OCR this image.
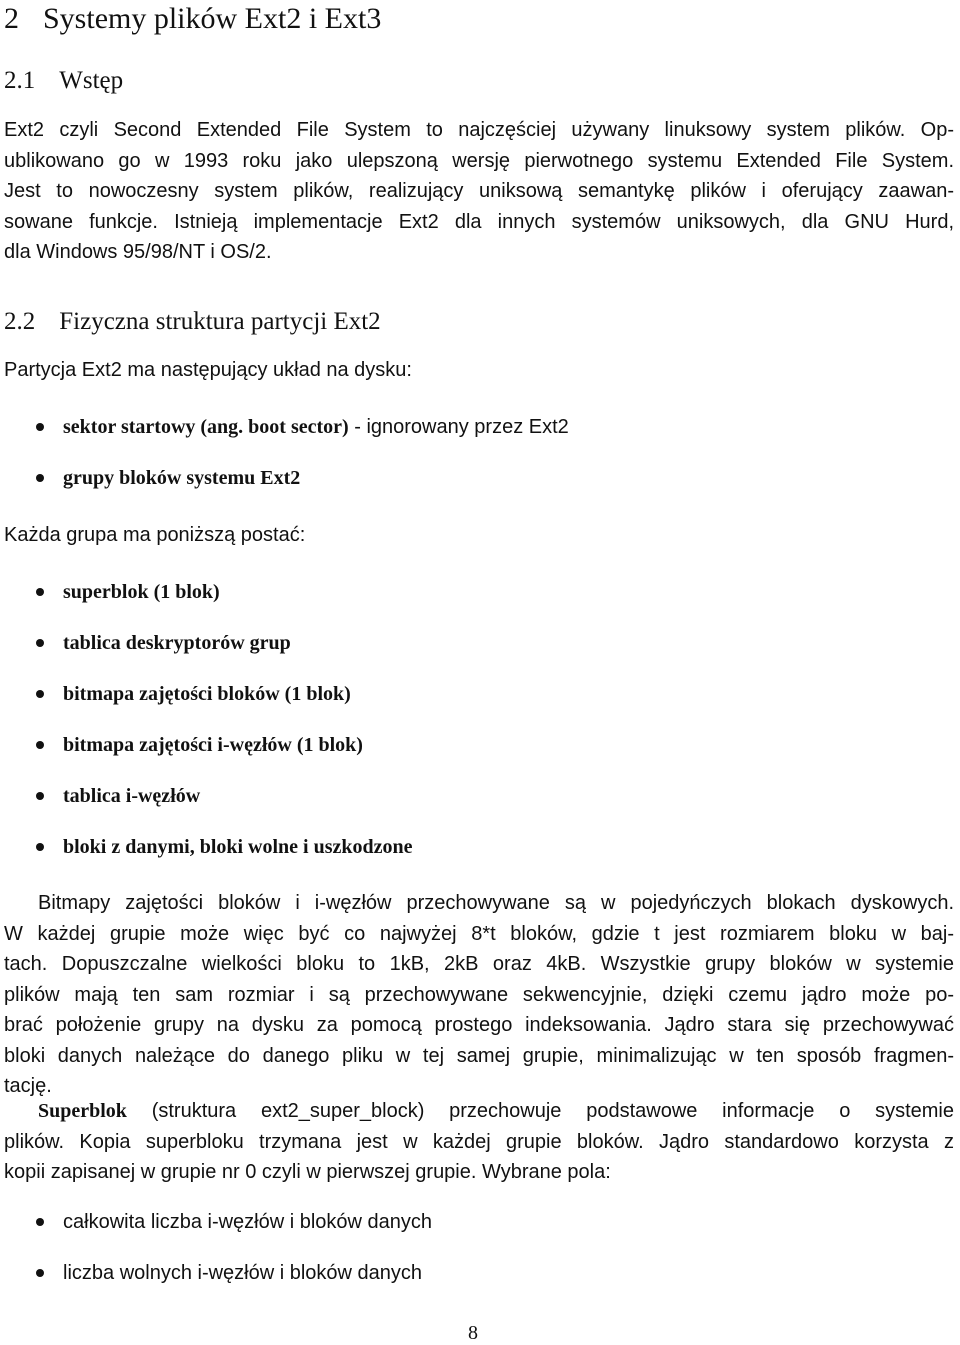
2 Systemy plików Ext2 i Ext3
2.1 Wstęp
Ext2 czyli Second Extended File System to najczęściej używany linuksowy system plików. Op-
ublikowano go w 1993 roku jako ulepszoną wersję pierwotnego systemu Extended File System.
Jest to nowoczesny system plików, realizujący uniksową semantykę plików i oferujący zaawan-
sowane funkcje. Istnieją implementacje Ext2 dla innych systemów uniksowych, dla GNU Hurd,
dla Windows 95/98/NT i OS/2.
2.2 Fizyczna struktura partycji Ext2
Partycja Ext2 ma następujący układ na dysku:
sektor startowy (ang. boot sector) - ignorowany przez Ext2
grupy bloków systemu Ext2
Każda grupa ma poniższą postać:
superblok (1 blok)
tablica deskryptorów grup
bitmapa zajętości bloków (1 blok)
bitmapa zajętości i-węzłów (1 blok)
tablica i-węzłów
bloki z danymi, bloki wolne i uszkodzone
Bitmapy zajętości bloków i i-węzłów przechowywane są w pojedyńczych blokach dyskowych.
W każdej grupie może więc być co najwyżej 8*t bloków, gdzie t jest rozmiarem bloku w baj-
tach. Dopuszczalne wielkości bloku to 1kB, 2kB oraz 4kB. Wszystkie grupy bloków w systemie
plików mają ten sam rozmiar i są przechowywane sekwencyjnie, dzięki czemu jądro może po-
brać położenie grupy na dysku za pomocą prostego indeksowania. Jądro stara się przechowywać
bloki danych należące do danego pliku w tej samej grupie, minimalizując w ten sposób fragmen-
tację.
Superblok (struktura ext2_super_block) przechowuje podstawowe informacje o systemie
plików. Kopia superbloku trzymana jest w każdej grupie bloków. Jądro standardowo korzysta z
kopii zapisanej w grupie nr 0 czyli w pierwszej grupie. Wybrane pola:
całkowita liczba i-węzłów i bloków danych
liczba wolnych i-węzłów i bloków danych
8
